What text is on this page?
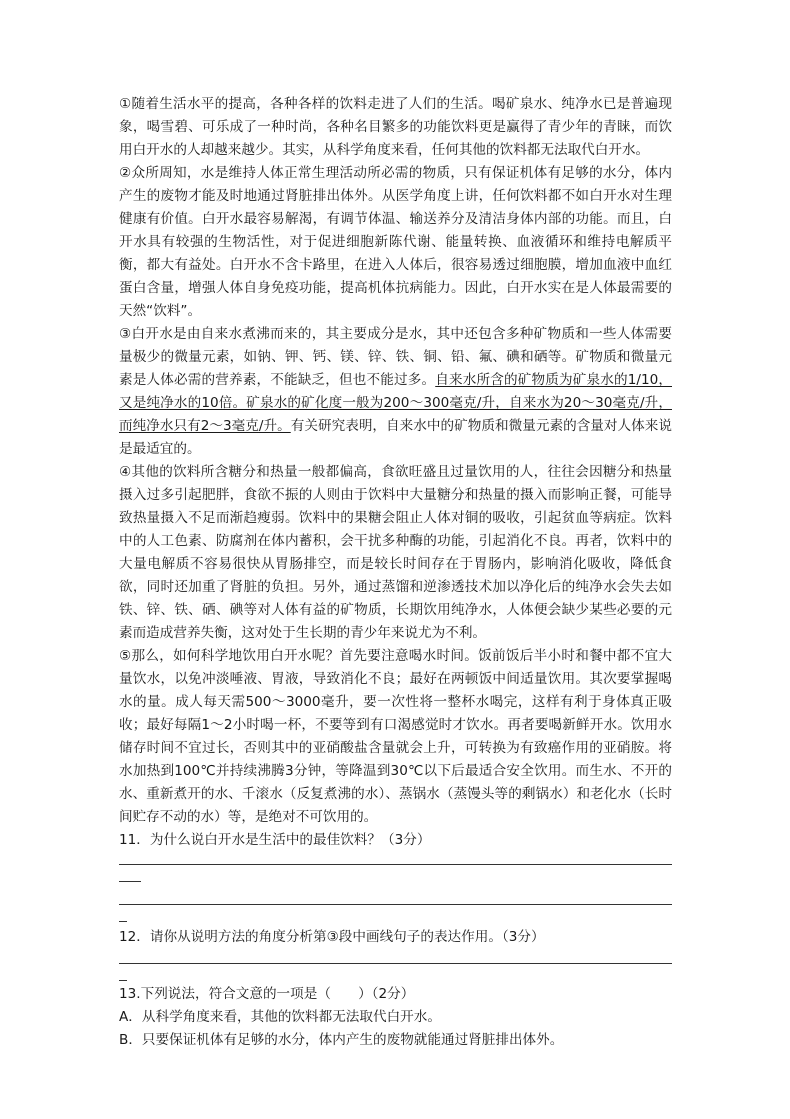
①随着生活水平的提高，各种各样的饮料走进了人们的生活。喝矿泉水、纯净水已是普遍现象，喝雪碧、可乐成了一种时尚，各种名目繁多的功能饮料更是赢得了青少年的青睐，而饮用白开水的人却越来越少。其实，从科学角度来看，任何其他的饮料都无法取代白开水。

②众所周知，水是维持人体正常生理活动所必需的物质，只有保证机体有足够的水分，体内产生的废物才能及时地通过肾脏排出体外。从医学角度上讲，任何饮料都不如白开水对生理健康有价值。白开水最容易解渴，有调节体温、输送养分及清洁身体内部的功能。而且，白开水具有较强的生物活性，对于促进细胞新陈代谢、能量转换、血液循环和维持电解质平衡，都大有益处。白开水不含卡路里，在进入人体后，很容易透过细胞膜，增加血液中血红蛋白含量，增强人体自身免疫功能，提高机体抗病能力。因此，白开水实在是人体最需要的天然“饮料”。

③白开水是由自来水煮沸而来的，其主要成分是水，其中还包含多种矿物质和一些人体需要量极少的微量元素，如钠、钾、钙、镁、锌、铁、铜、铅、氟、碘和硒等。矿物质和微量元素是人体必需的营养素，不能缺乏，但也不能过多。自来水所含的矿物质为矿泉水的1/10，又是纯净水的10倍。矿泉水的矿化度一般为200～300毫克/升，自来水为20～30毫克/升，而纯净水只有2～3毫克/升。有关研究表明，自来水中的矿物质和微量元素的含量对人体来说是最适宜的。

④其他的饮料所含糖分和热量一般都偏高，食欲旺盛且过量饮用的人，往往会因糖分和热量摄入过多引起肥胖，食欲不振的人则由于饮料中大量糖分和热量的摄入而影响正餐，可能导致热量摄入不足而渐趋瘦弱。饮料中的果糖会阻止人体对铜的吸收，引起贫血等病症。饮料中的人工色素、防腐剂在体内蓄积，会干扰多种酶的功能，引起消化不良。再者，饮料中的大量电解质不容易很快从胃肠排空，而是较长时间存在于胃肠内，影响消化吸收，降低食欲，同时还加重了肾脏的负担。另外，通过蒸馏和逆渗透技术加以净化后的纯净水会失去如铁、锌、铁、硒、碘等对人体有益的矿物质，长期饮用纯净水，人体便会缺少某些必要的元素而造成营养失衡，这对处于生长期的青少年来说尤为不利。

⑤那么，如何科学地饮用白开水呢？首先要注意喝水时间。饭前饭后半小时和餐中都不宜大量饮水，以免冲淡唾液、胃液，导致消化不良；最好在两顿饭中间适量饮用。其次要掌握喝水的量。成人每天需500～3000毫升，要一次性将一整杯水喝完，这样有利于身体真正吸收；最好每隔1～2小时喝一杯，不要等到有口渴感觉时才饮水。再者要喝新鲜开水。饮用水储存时间不宜过长，否则其中的亚硝酸盐含量就会上升，可转换为有致癌作用的亚硝胺。将水加热到100℃并持续沸腾3分钟，等降温到30℃以下后最适合安全饮用。而生水、不开的水、重新煮开的水、千滚水（反复煮沸的水）、蒸锅水（蒸馒头等的剩锅水）和老化水（长时间贮存不动的水）等，是绝对不可饮用的。

11．为什么说白开水是生活中的最佳饮料？（3分）

12．请你从说明方法的角度分析第③段中画线句子的表达作用。（3分）

13.下列说法，符合文意的一项是（　　）（2分）

A．从科学角度来看，其他的饮料都无法取代白开水。

B．只要保证机体有足够的水分，体内产生的废物就能通过肾脏排出体外。
